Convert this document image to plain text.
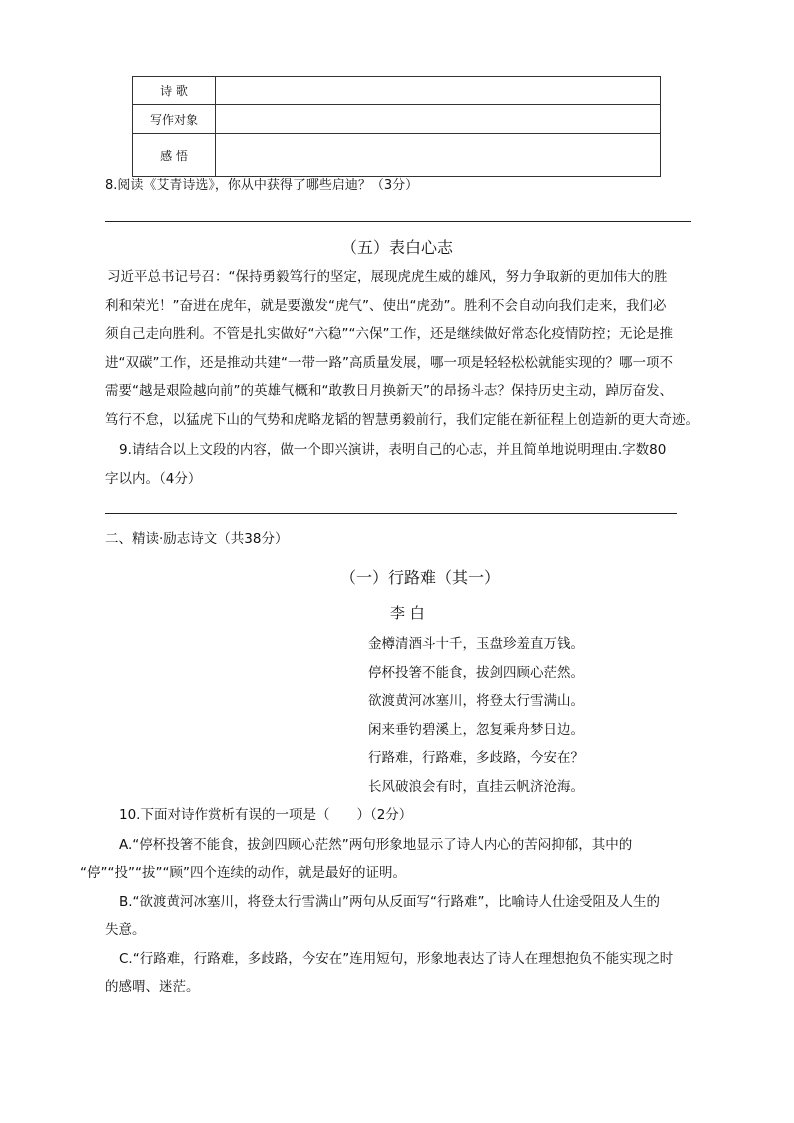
诗 歌	
写作对象	
感 悟	
8.阅读《艾青诗选》，你从中获得了哪些启迪？（3分）
（五）表白心志
习近平总书记号召：“保持勇毅笃行的坚定，展现虎虎生威的雄风，努力争取新的更加伟大的胜
利和荣光！”奋进在虎年，就是要激发“虎气”、使出“虎劲”。胜利不会自动向我们走来，我们必
须自己走向胜利。不管是扎实做好“六稳”“六保”工作，还是继续做好常态化疫情防控；无论是推
进“双碳”工作，还是推动共建“一带一路”高质量发展，哪一项是轻轻松松就能实现的？哪一项不
需要“越是艰险越向前”的英雄气概和“敢教日月换新天”的昂扬斗志？保持历史主动，踔厉奋发、
笃行不怠，以猛虎下山的气势和虎略龙韬的智慧勇毅前行，我们定能在新征程上创造新的更大奇迹。
9.请结合以上文段的内容，做一个即兴演讲，表明自己的心志，并且简单地说明理由.字数80
字以内。（4分）
二、精读·励志诗文（共38分）
（一）行路难（其一）
李 白
金樽清酒斗十千，玉盘珍羞直万钱。
停杯投箸不能食，拔剑四顾心茫然。
欲渡黄河冰塞川，将登太行雪满山。
闲来垂钓碧溪上，忽复乘舟梦日边。
行路难，行路难，多歧路，今安在？
长风破浪会有时，直挂云帆济沧海。
10.下面对诗作赏析有误的一项是（　　）（2分）
A.“停杯投箸不能食，拔剑四顾心茫然”两句形象地显示了诗人内心的苦闷抑郁，其中的
“停”“投”“拔”“顾”四个连续的动作，就是最好的证明。
B.“欲渡黄河冰塞川，将登太行雪满山”两句从反面写“行路难”，比喻诗人仕途受阻及人生的
失意。
C.“行路难，行路难，多歧路，今安在”连用短句，形象地表达了诗人在理想抱负不能实现之时
的感喟、迷茫。
